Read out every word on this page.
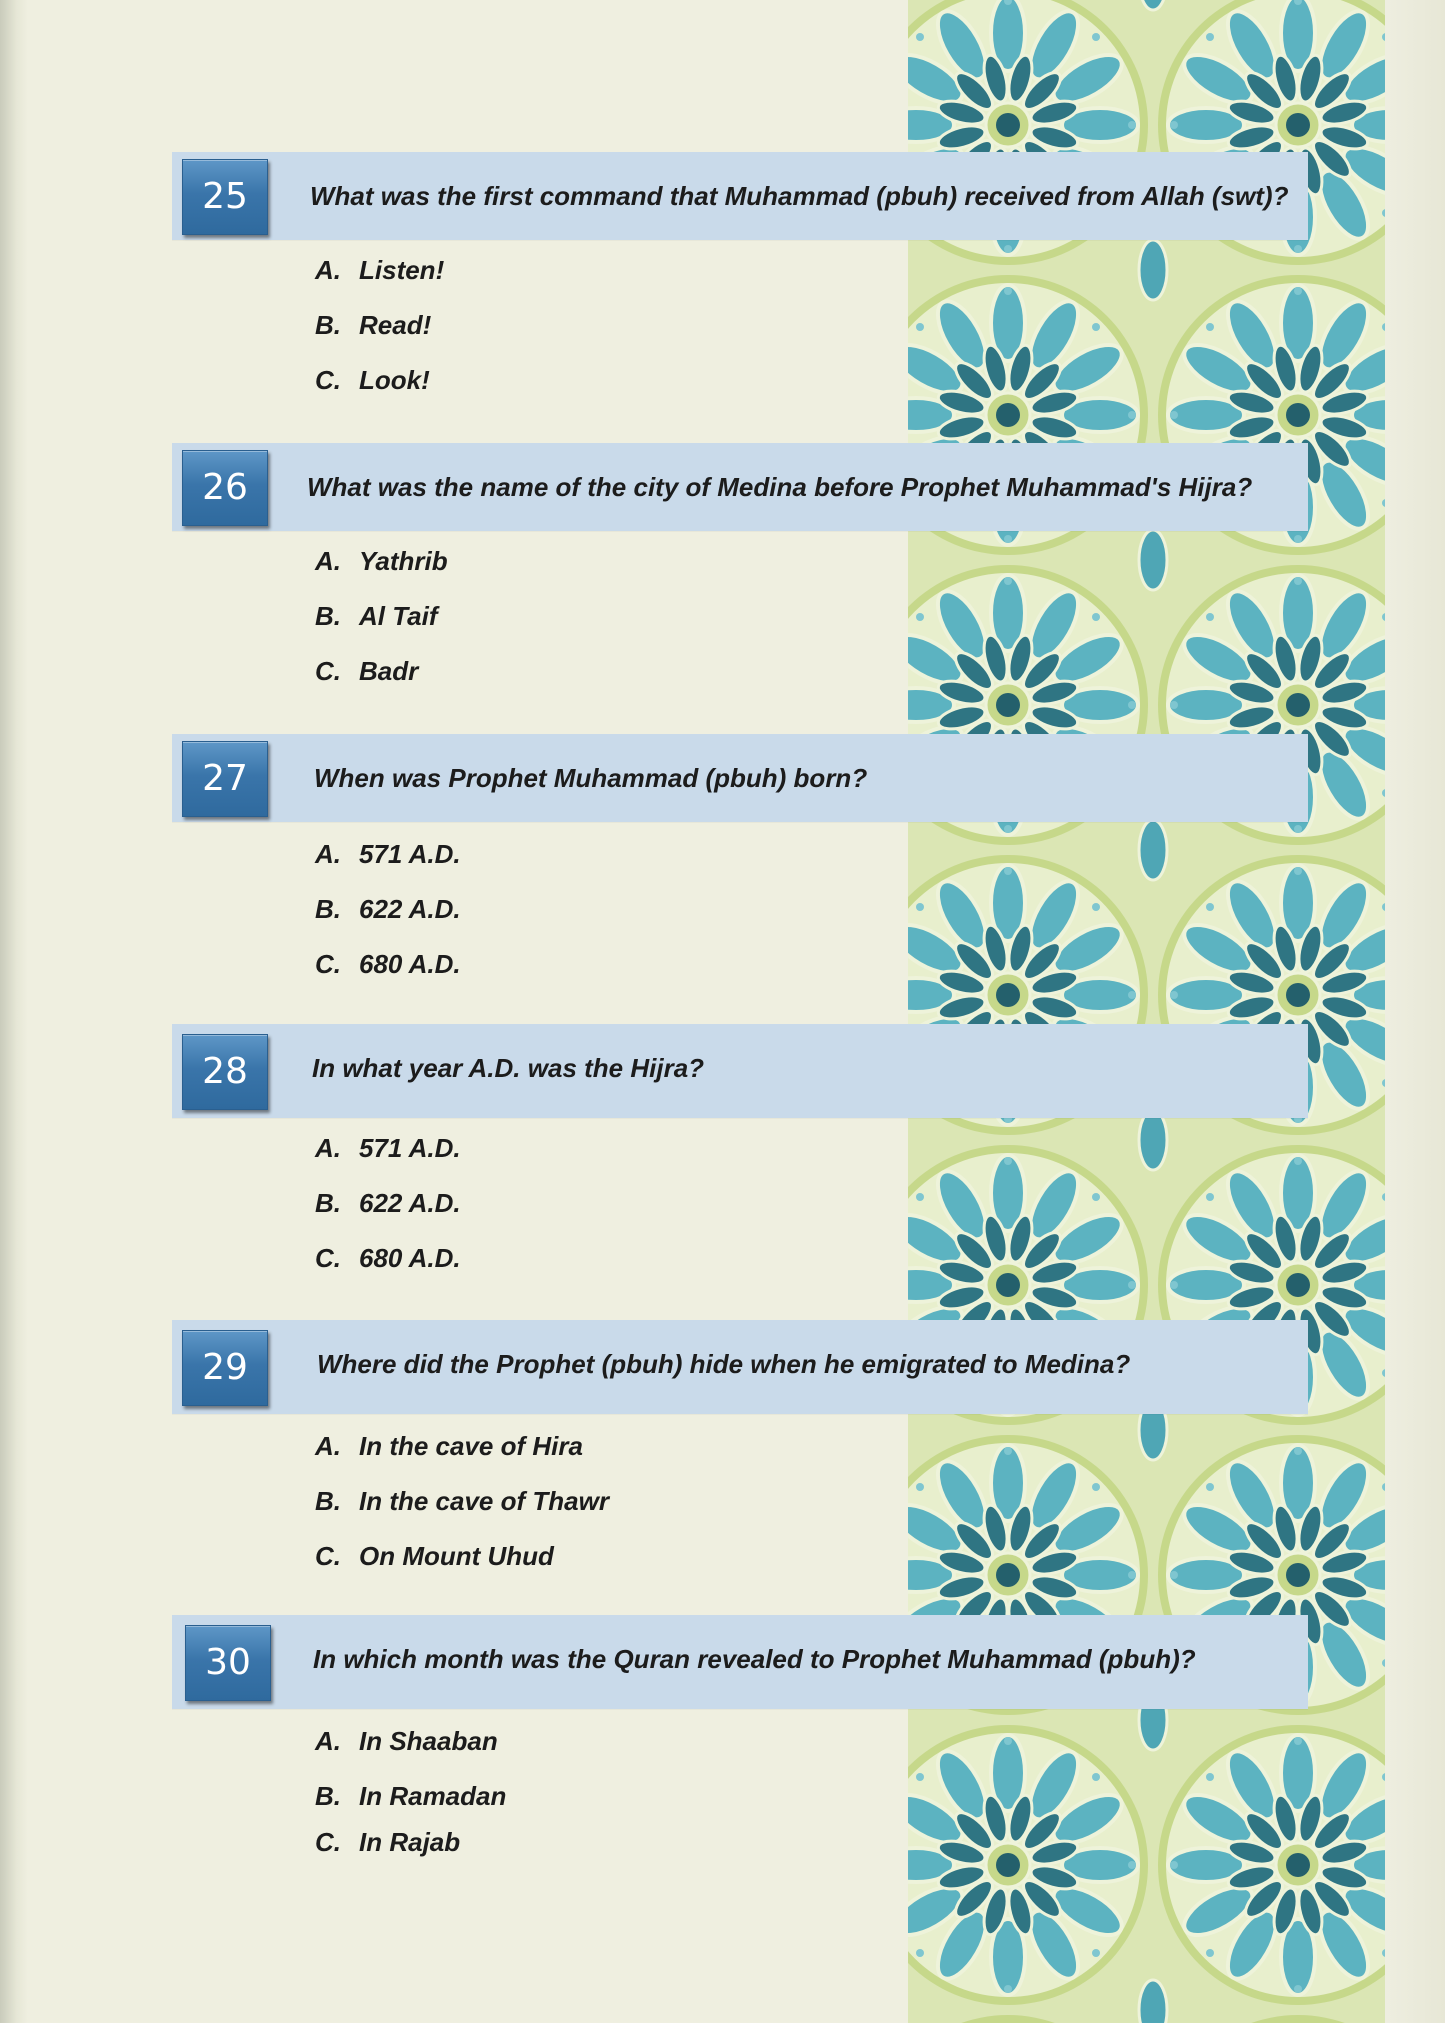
25	What was the first command that Muhammad (pbuh) received from Allah (swt)?
A. Listen!
B. Read!
C. Look!
26	What was the name of the city of Medina before Prophet Muhammad's Hijra?
A. Yathrib
B. Al Taif
C. Badr
27	When was Prophet Muhammad (pbuh) born?
A. 571 A.D.
B. 622 A.D.
C. 680 A.D.
28	In what year A.D. was the Hijra?
A. 571 A.D.
B. 622 A.D.
C. 680 A.D.
29	Where did the Prophet (pbuh) hide when he emigrated to Medina?
A. In the cave of Hira
B. In the cave of Thawr
C. On Mount Uhud
30	In which month was the Quran revealed to Prophet Muhammad (pbuh)?
A. In Shaaban
B. In Ramadan
C. In Rajab
